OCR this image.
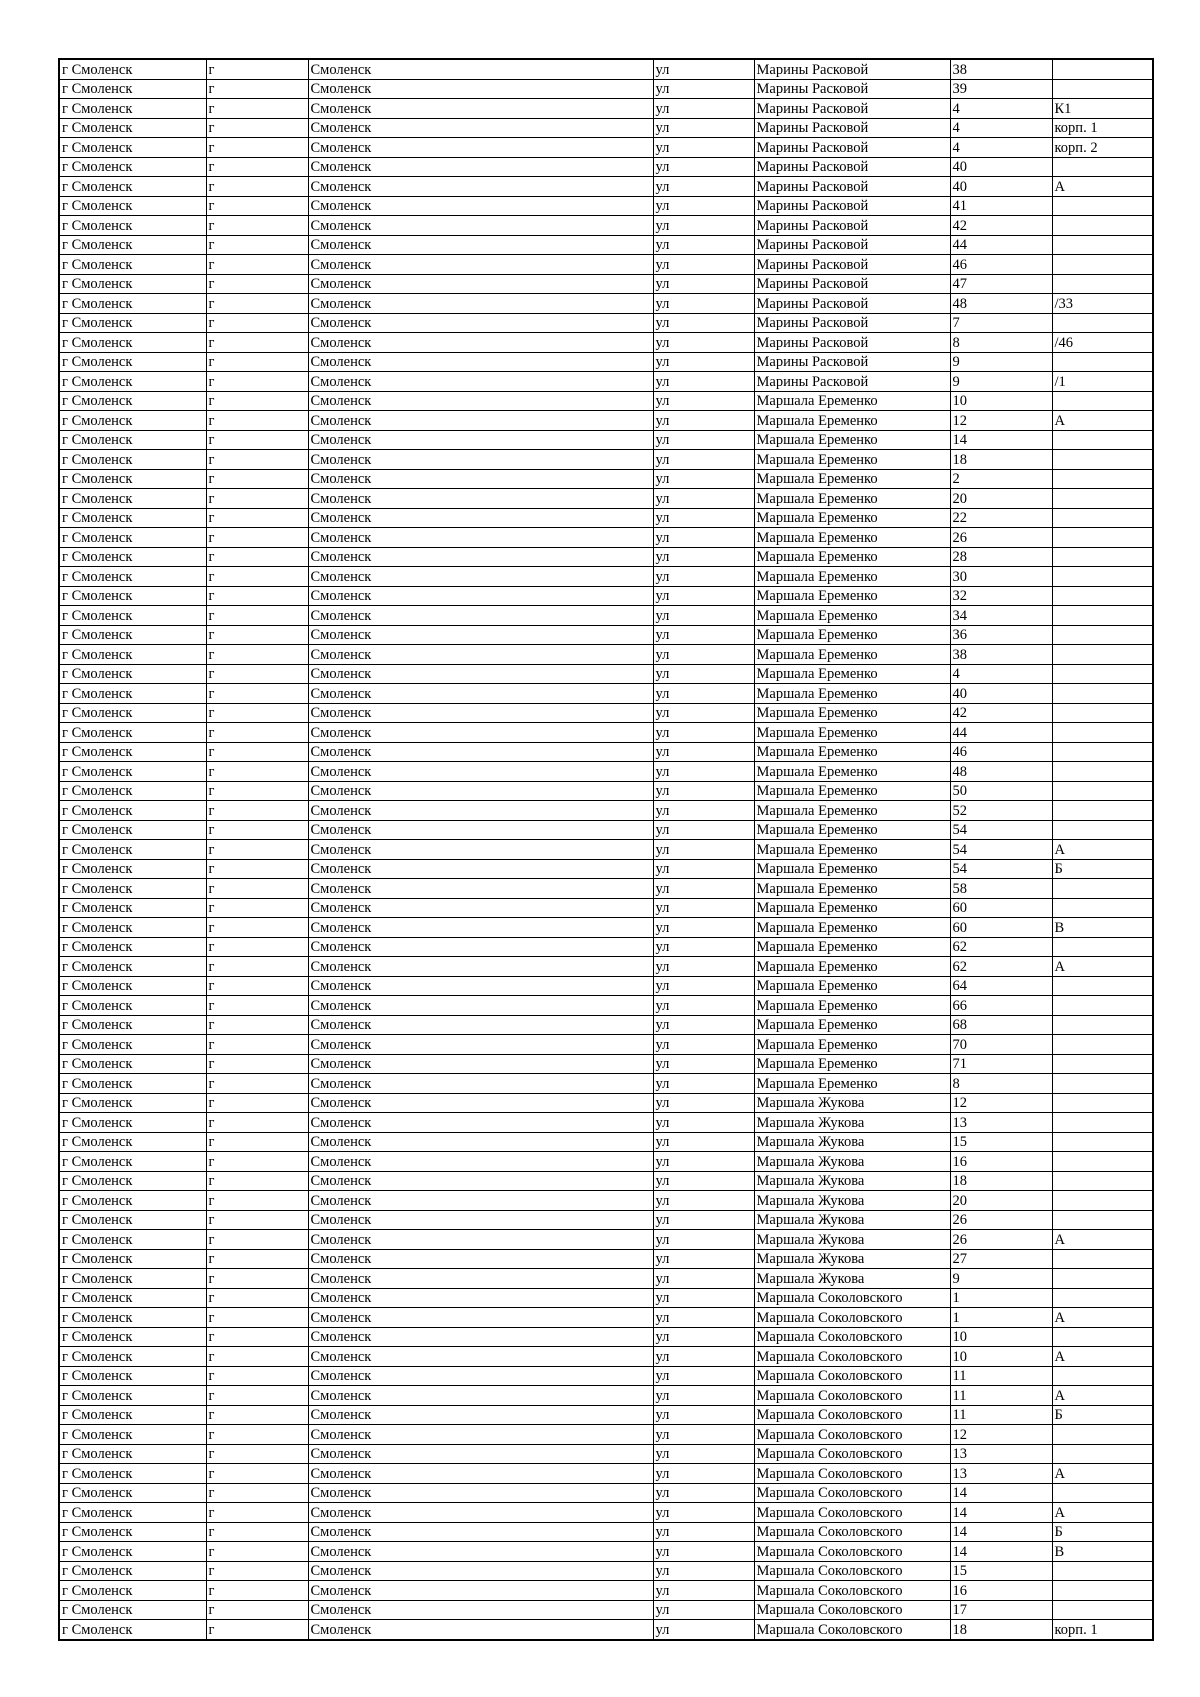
г Смоленск	г	Смоленск	ул	Марины Расковой	38	
г Смоленск	г	Смоленск	ул	Марины Расковой	39	
г Смоленск	г	Смоленск	ул	Марины Расковой	4	К1
г Смоленск	г	Смоленск	ул	Марины Расковой	4	корп. 1
г Смоленск	г	Смоленск	ул	Марины Расковой	4	корп. 2
г Смоленск	г	Смоленск	ул	Марины Расковой	40	
г Смоленск	г	Смоленск	ул	Марины Расковой	40	А
г Смоленск	г	Смоленск	ул	Марины Расковой	41	
г Смоленск	г	Смоленск	ул	Марины Расковой	42	
г Смоленск	г	Смоленск	ул	Марины Расковой	44	
г Смоленск	г	Смоленск	ул	Марины Расковой	46	
г Смоленск	г	Смоленск	ул	Марины Расковой	47	
г Смоленск	г	Смоленск	ул	Марины Расковой	48	/33
г Смоленск	г	Смоленск	ул	Марины Расковой	7	
г Смоленск	г	Смоленск	ул	Марины Расковой	8	/46
г Смоленск	г	Смоленск	ул	Марины Расковой	9	
г Смоленск	г	Смоленск	ул	Марины Расковой	9	/1
г Смоленск	г	Смоленск	ул	Маршала Еременко	10	
г Смоленск	г	Смоленск	ул	Маршала Еременко	12	А
г Смоленск	г	Смоленск	ул	Маршала Еременко	14	
г Смоленск	г	Смоленск	ул	Маршала Еременко	18	
г Смоленск	г	Смоленск	ул	Маршала Еременко	2	
г Смоленск	г	Смоленск	ул	Маршала Еременко	20	
г Смоленск	г	Смоленск	ул	Маршала Еременко	22	
г Смоленск	г	Смоленск	ул	Маршала Еременко	26	
г Смоленск	г	Смоленск	ул	Маршала Еременко	28	
г Смоленск	г	Смоленск	ул	Маршала Еременко	30	
г Смоленск	г	Смоленск	ул	Маршала Еременко	32	
г Смоленск	г	Смоленск	ул	Маршала Еременко	34	
г Смоленск	г	Смоленск	ул	Маршала Еременко	36	
г Смоленск	г	Смоленск	ул	Маршала Еременко	38	
г Смоленск	г	Смоленск	ул	Маршала Еременко	4	
г Смоленск	г	Смоленск	ул	Маршала Еременко	40	
г Смоленск	г	Смоленск	ул	Маршала Еременко	42	
г Смоленск	г	Смоленск	ул	Маршала Еременко	44	
г Смоленск	г	Смоленск	ул	Маршала Еременко	46	
г Смоленск	г	Смоленск	ул	Маршала Еременко	48	
г Смоленск	г	Смоленск	ул	Маршала Еременко	50	
г Смоленск	г	Смоленск	ул	Маршала Еременко	52	
г Смоленск	г	Смоленск	ул	Маршала Еременко	54	
г Смоленск	г	Смоленск	ул	Маршала Еременко	54	А
г Смоленск	г	Смоленск	ул	Маршала Еременко	54	Б
г Смоленск	г	Смоленск	ул	Маршала Еременко	58	
г Смоленск	г	Смоленск	ул	Маршала Еременко	60	
г Смоленск	г	Смоленск	ул	Маршала Еременко	60	В
г Смоленск	г	Смоленск	ул	Маршала Еременко	62	
г Смоленск	г	Смоленск	ул	Маршала Еременко	62	А
г Смоленск	г	Смоленск	ул	Маршала Еременко	64	
г Смоленск	г	Смоленск	ул	Маршала Еременко	66	
г Смоленск	г	Смоленск	ул	Маршала Еременко	68	
г Смоленск	г	Смоленск	ул	Маршала Еременко	70	
г Смоленск	г	Смоленск	ул	Маршала Еременко	71	
г Смоленск	г	Смоленск	ул	Маршала Еременко	8	
г Смоленск	г	Смоленск	ул	Маршала Жукова	12	
г Смоленск	г	Смоленск	ул	Маршала Жукова	13	
г Смоленск	г	Смоленск	ул	Маршала Жукова	15	
г Смоленск	г	Смоленск	ул	Маршала Жукова	16	
г Смоленск	г	Смоленск	ул	Маршала Жукова	18	
г Смоленск	г	Смоленск	ул	Маршала Жукова	20	
г Смоленск	г	Смоленск	ул	Маршала Жукова	26	
г Смоленск	г	Смоленск	ул	Маршала Жукова	26	А
г Смоленск	г	Смоленск	ул	Маршала Жукова	27	
г Смоленск	г	Смоленск	ул	Маршала Жукова	9	
г Смоленск	г	Смоленск	ул	Маршала Соколовского	1	
г Смоленск	г	Смоленск	ул	Маршала Соколовского	1	А
г Смоленск	г	Смоленск	ул	Маршала Соколовского	10	
г Смоленск	г	Смоленск	ул	Маршала Соколовского	10	А
г Смоленск	г	Смоленск	ул	Маршала Соколовского	11	
г Смоленск	г	Смоленск	ул	Маршала Соколовского	11	А
г Смоленск	г	Смоленск	ул	Маршала Соколовского	11	Б
г Смоленск	г	Смоленск	ул	Маршала Соколовского	12	
г Смоленск	г	Смоленск	ул	Маршала Соколовского	13	
г Смоленск	г	Смоленск	ул	Маршала Соколовского	13	А
г Смоленск	г	Смоленск	ул	Маршала Соколовского	14	
г Смоленск	г	Смоленск	ул	Маршала Соколовского	14	А
г Смоленск	г	Смоленск	ул	Маршала Соколовского	14	Б
г Смоленск	г	Смоленск	ул	Маршала Соколовского	14	В
г Смоленск	г	Смоленск	ул	Маршала Соколовского	15	
г Смоленск	г	Смоленск	ул	Маршала Соколовского	16	
г Смоленск	г	Смоленск	ул	Маршала Соколовского	17	
г Смоленск	г	Смоленск	ул	Маршала Соколовского	18	корп. 1
